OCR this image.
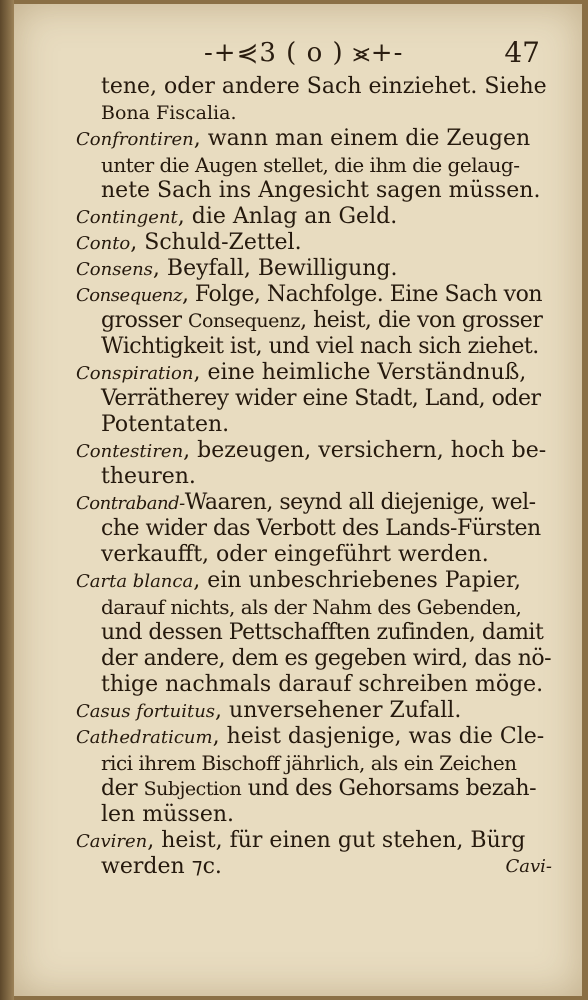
-+⋞3 ( o ) ⪤+-	47
tene, oder andere Sach einziehet. Siehe
Bona Fiscalia.
Confrontiren, wann man einem die Zeugen
unter die Augen stellet, die ihm die gelaug-
nete Sach ins Angesicht sagen müssen.
Contingent, die Anlag an Geld.
Conto, Schuld-Zettel.
Consens, Beyfall, Bewilligung.
Consequenz, Folge, Nachfolge. Eine Sach von
grosser Consequenz, heist, die von grosser
Wichtigkeit ist, und viel nach sich ziehet.
Conspiration, eine heimliche Verständnuß,
Verrätherey wider eine Stadt, Land, oder
Potentaten.
Contestiren, bezeugen, versichern, hoch be-
theuren.
Contraband-Waaren, seynd all diejenige, wel-
che wider das Verbott des Lands-Fürsten
verkaufft, oder eingeführt werden.
Carta blanca, ein unbeschriebenes Papier,
darauf nichts, als der Nahm des Gebenden,
und dessen Pettschafften zufinden, damit
der andere, dem es gegeben wird, das nö-
thige nachmals darauf schreiben möge.
Casus fortuitus, unversehener Zufall.
Cathedraticum, heist dasjenige, was die Cle-
rici ihrem Bischoff jährlich, als ein Zeichen
der Subjection und des Gehorsams bezah-
len müssen.
Caviren, heist, für einen gut stehen, Bürg
werden ⁊c.	Cavi-
